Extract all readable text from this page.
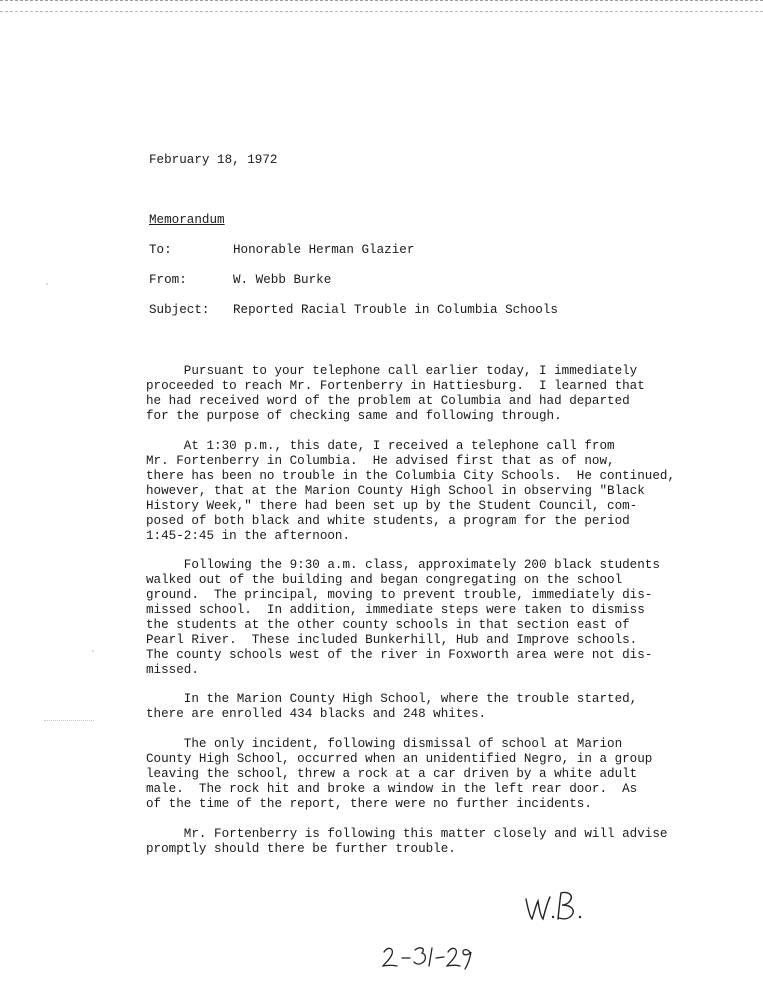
February 18, 1972
Memorandum
To:	Honorable Herman Glazier
From:	W. Webb Burke
Subject: Reported Racial Trouble in Columbia Schools
Pursuant to your telephone call earlier today, I immediately
proceeded to reach Mr. Fortenberry in Hattiesburg.  I learned that
he had received word of the problem at Columbia and had departed
for the purpose of checking same and following through.
At 1:30 p.m., this date, I received a telephone call from
Mr. Fortenberry in Columbia.  He advised first that as of now,
there has been no trouble in the Columbia City Schools.  He continued,
however, that at the Marion County High School in observing "Black
History Week," there had been set up by the Student Council, com-
posed of both black and white students, a program for the period
1:45-2:45 in the afternoon.
Following the 9:30 a.m. class, approximately 200 black students
walked out of the building and began congregating on the school
ground.  The principal, moving to prevent trouble, immediately dis-
missed school.  In addition, immediate steps were taken to dismiss
the students at the other county schools in that section east of
Pearl River.  These included Bunkerhill, Hub and Improve schools.
The county schools west of the river in Foxworth area were not dis-
missed.
In the Marion County High School, where the trouble started,
there are enrolled 434 blacks and 248 whites.
The only incident, following dismissal of school at Marion
County High School, occurred when an unidentified Negro, in a group
leaving the school, threw a rock at a car driven by a white adult
male.  The rock hit and broke a window in the left rear door.  As
of the time of the report, there were no further incidents.
Mr. Fortenberry is following this matter closely and will advise
promptly should there be further trouble.
